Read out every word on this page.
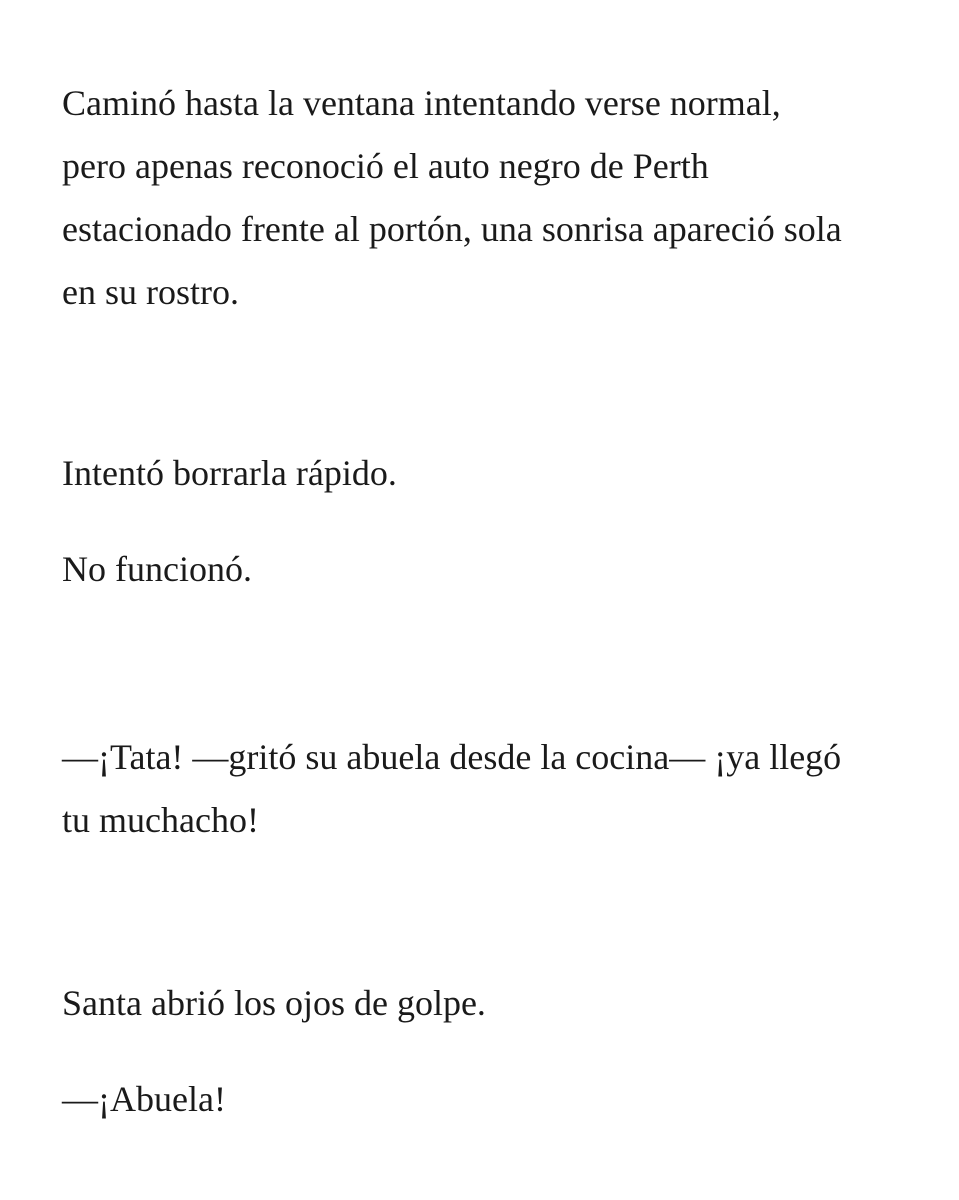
Caminó hasta la ventana intentando verse normal,
pero apenas reconoció el auto negro de Perth
estacionado frente al portón, una sonrisa apareció sola
en su rostro.

Intentó borrarla rápido.

No funcionó.

—¡Tata! —gritó su abuela desde la cocina— ¡ya llegó
tu muchacho!

Santa abrió los ojos de golpe.

—¡Abuela!
